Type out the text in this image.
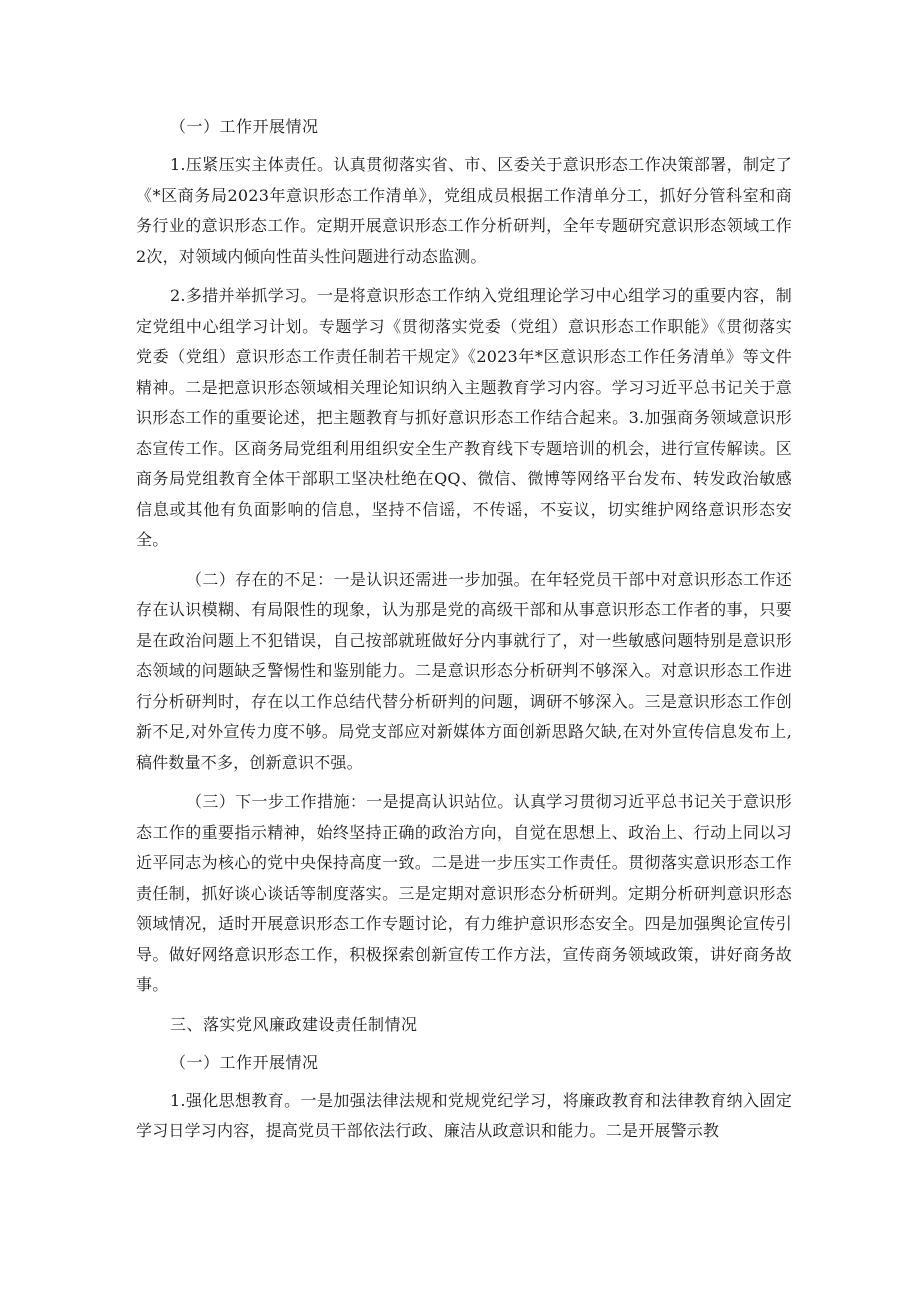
（一）工作开展情况

1.压紧压实主体责任。认真贯彻落实省、市、区委关于意识形态工作决策部署，制定了《*区商务局2023年意识形态工作清单》，党组成员根据工作清单分工，抓好分管科室和商务行业的意识形态工作。定期开展意识形态工作分析研判，全年专题研究意识形态领域工作2次，对领域内倾向性苗头性问题进行动态监测。

2.多措并举抓学习。一是将意识形态工作纳入党组理论学习中心组学习的重要内容，制定党组中心组学习计划。专题学习《贯彻落实党委（党组）意识形态工作职能》《贯彻落实党委（党组）意识形态工作责任制若干规定》《2023年*区意识形态工作任务清单》等文件精神。二是把意识形态领域相关理论知识纳入主题教育学习内容。学习习近平总书记关于意识形态工作的重要论述，把主题教育与抓好意识形态工作结合起来。3.加强商务领域意识形态宣传工作。区商务局党组利用组织安全生产教育线下专题培训的机会，进行宣传解读。区商务局党组教育全体干部职工坚决杜绝在QQ、微信、微博等网络平台发布、转发政治敏感信息或其他有负面影响的信息，坚持不信谣，不传谣，不妄议，切实维护网络意识形态安全。

（二）存在的不足：一是认识还需进一步加强。在年轻党员干部中对意识形态工作还存在认识模糊、有局限性的现象，认为那是党的高级干部和从事意识形态工作者的事，只要是在政治问题上不犯错误，自己按部就班做好分内事就行了，对一些敏感问题特别是意识形态领域的问题缺乏警惕性和鉴别能力。二是意识形态分析研判不够深入。对意识形态工作进行分析研判时，存在以工作总结代替分析研判的问题，调研不够深入。三是意识形态工作创新不足,对外宣传力度不够。局党支部应对新媒体方面创新思路欠缺,在对外宣传信息发布上,稿件数量不多，创新意识不强。

（三）下一步工作措施：一是提高认识站位。认真学习贯彻习近平总书记关于意识形态工作的重要指示精神，始终坚持正确的政治方向，自觉在思想上、政治上、行动上同以习近平同志为核心的党中央保持高度一致。二是进一步压实工作责任。贯彻落实意识形态工作责任制，抓好谈心谈话等制度落实。三是定期对意识形态分析研判。定期分析研判意识形态领域情况，适时开展意识形态工作专题讨论，有力维护意识形态安全。四是加强舆论宣传引导。做好网络意识形态工作，积极探索创新宣传工作方法，宣传商务领域政策，讲好商务故事。

三、落实党风廉政建设责任制情况

（一）工作开展情况

1.强化思想教育。一是加强法律法规和党规党纪学习，将廉政教育和法律教育纳入固定学习日学习内容，提高党员干部依法行政、廉洁从政意识和能力。二是开展警示教
